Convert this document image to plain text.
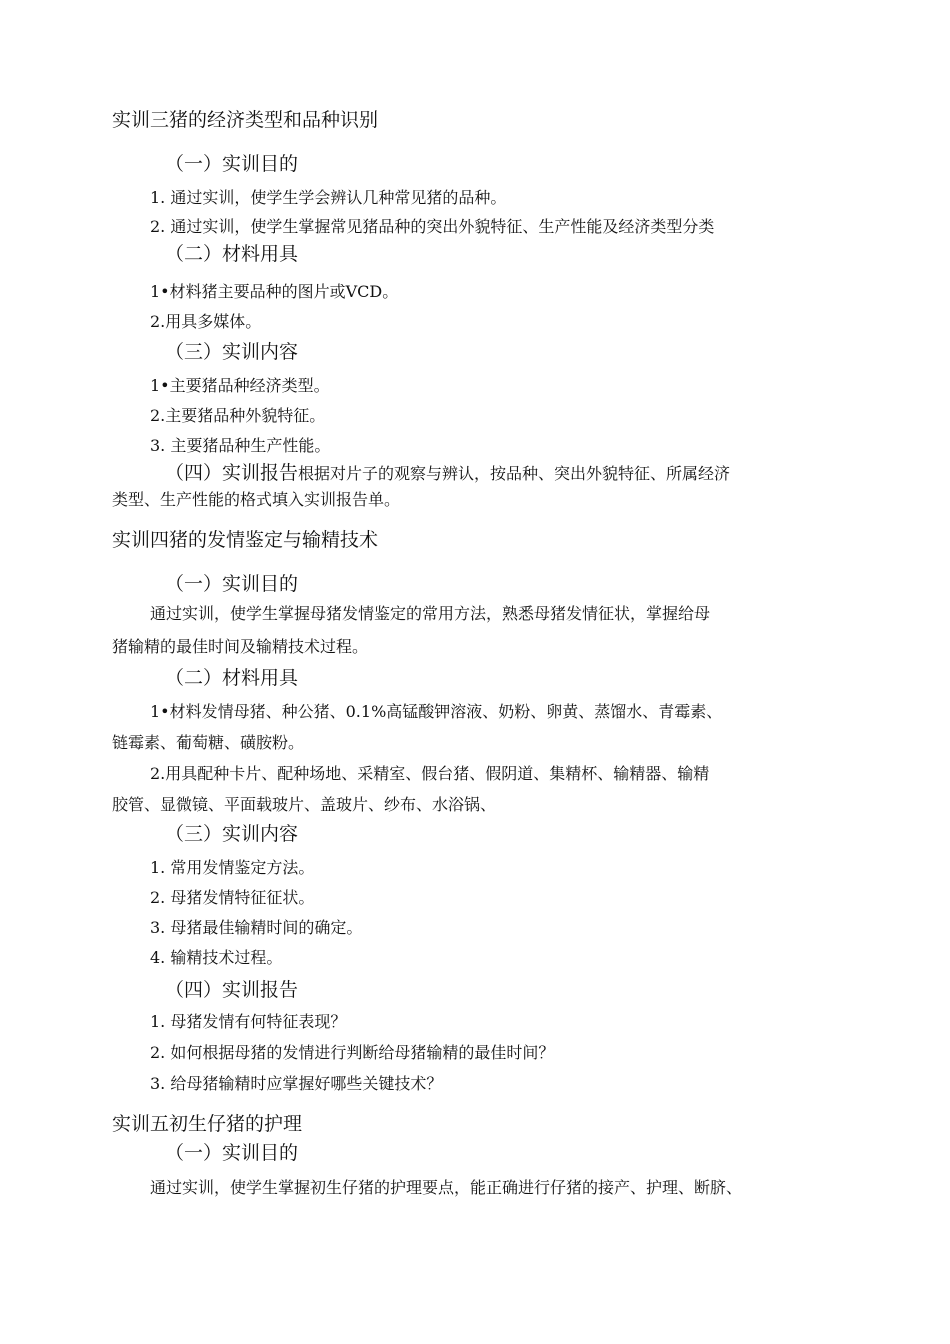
实训三猪的经济类型和品种识别
（一）实训目的
1. 通过实训，使学生学会辨认几种常见猪的品种。
2. 通过实训，使学生掌握常见猪品种的突出外貌特征、生产性能及经济类型分类
（二）材料用具
1•材料猪主要品种的图片或VCD。
2.用具多媒体。
（三）实训内容
1•主要猪品种经济类型。
2.主要猪品种外貌特征。
3. 主要猪品种生产性能。
（四）实训报告根据对片子的观察与辨认，按品种、突出外貌特征、所属经济
类型、生产性能的格式填入实训报告单。
实训四猪的发情鉴定与输精技术
（一）实训目的
通过实训，使学生掌握母猪发情鉴定的常用方法，熟悉母猪发情征状，掌握给母
猪输精的最佳时间及输精技术过程。
（二）材料用具
1•材料发情母猪、种公猪、0.1%高锰酸钾溶液、奶粉、卵黄、蒸馏水、青霉素、
链霉素、葡萄糖、磺胺粉。
2.用具配种卡片、配种场地、采精室、假台猪、假阴道、集精杯、输精器、输精
胶管、显微镜、平面载玻片、盖玻片、纱布、水浴锅、
（三）实训内容
1. 常用发情鉴定方法。
2. 母猪发情特征征状。
3. 母猪最佳输精时间的确定。
4. 输精技术过程。
（四）实训报告
1. 母猪发情有何特征表现？
2. 如何根据母猪的发情进行判断给母猪输精的最佳时间？
3. 给母猪输精时应掌握好哪些关键技术？
实训五初生仔猪的护理
（一）实训目的
通过实训，使学生掌握初生仔猪的护理要点，能正确进行仔猪的接产、护理、断脐、
